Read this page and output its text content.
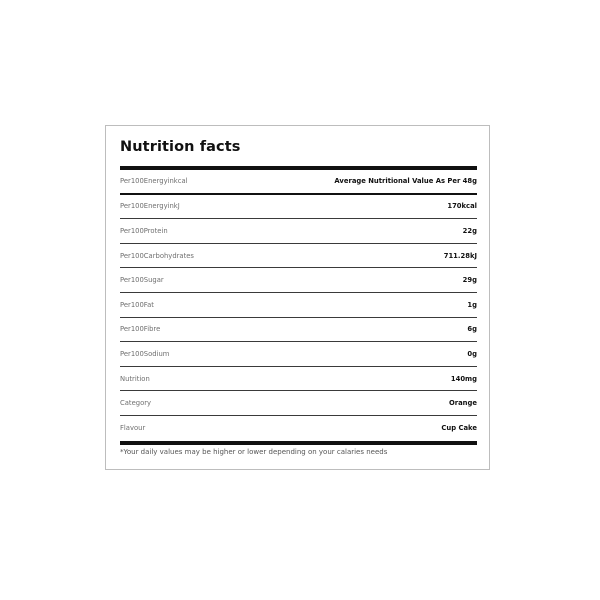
Nutrition facts
Per100Energyinkcal	Average Nutritional Value As Per 48g
Per100EnergyinkJ	170kcal
Per100Protein	22g
Per100Carbohydrates	711.28kJ
Per100Sugar	29g
Per100Fat	1g
Per100Fibre	6g
Per100Sodium	0g
Nutrition	140mg
Category	Orange
Flavour	Cup Cake
*Your daily values may be higher or lower depending on your calaries needs
